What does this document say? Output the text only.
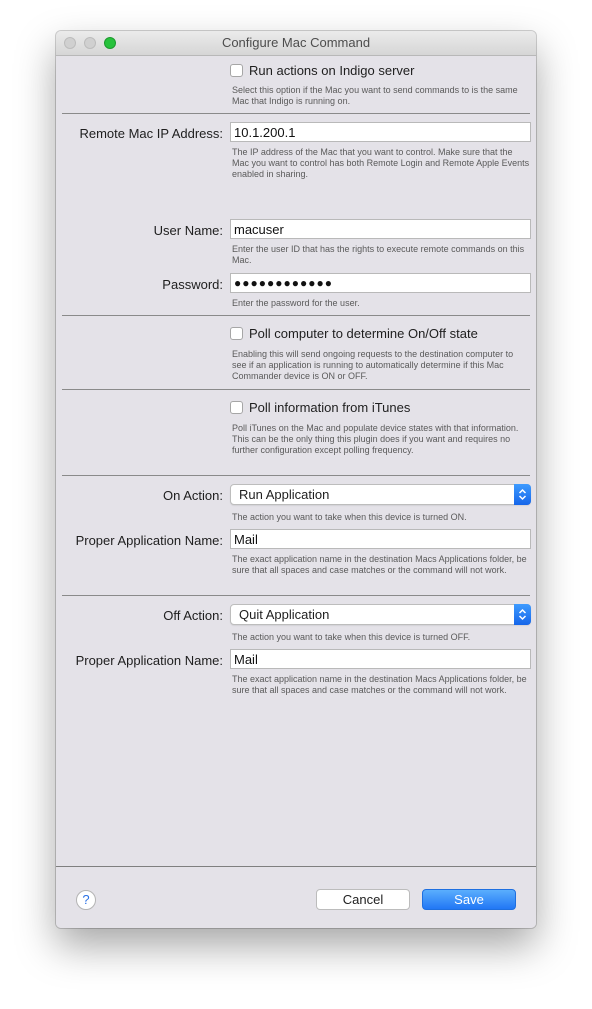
Configure Mac Command
Run actions on Indigo server
Select this option if the Mac you want to send commands to is the same Mac that Indigo is running on.
Remote Mac IP Address:
10.1.200.1
The IP address of the Mac that you want to control. Make sure that the Mac you want to control has both Remote Login and Remote Apple Events enabled in sharing.
User Name:
macuser
Enter the user ID that has the rights to execute remote commands on this Mac.
Password: ●●●●●●●●●●●●
Enter the password for the user.
Poll computer to determine On/Off state
Enabling this will send ongoing requests to the destination computer to see if an application is running to automatically determine if this Mac Commander device is ON or OFF.
Poll information from iTunes
Poll iTunes on the Mac and populate device states with that information. This can be the only thing this plugin does if you want and requires no further configuration except polling frequency.
On Action: Run Application
The action you want to take when this device is turned ON.
Proper Application Name:
Mail
The exact application name in the destination Macs Applications folder, be sure that all spaces and case matches or the command will not work.
Off Action: Quit Application
The action you want to take when this device is turned OFF.
Proper Application Name:
Mail
The exact application name in the destination Macs Applications folder, be sure that all spaces and case matches or the command will not work.
?	Cancel	Save
